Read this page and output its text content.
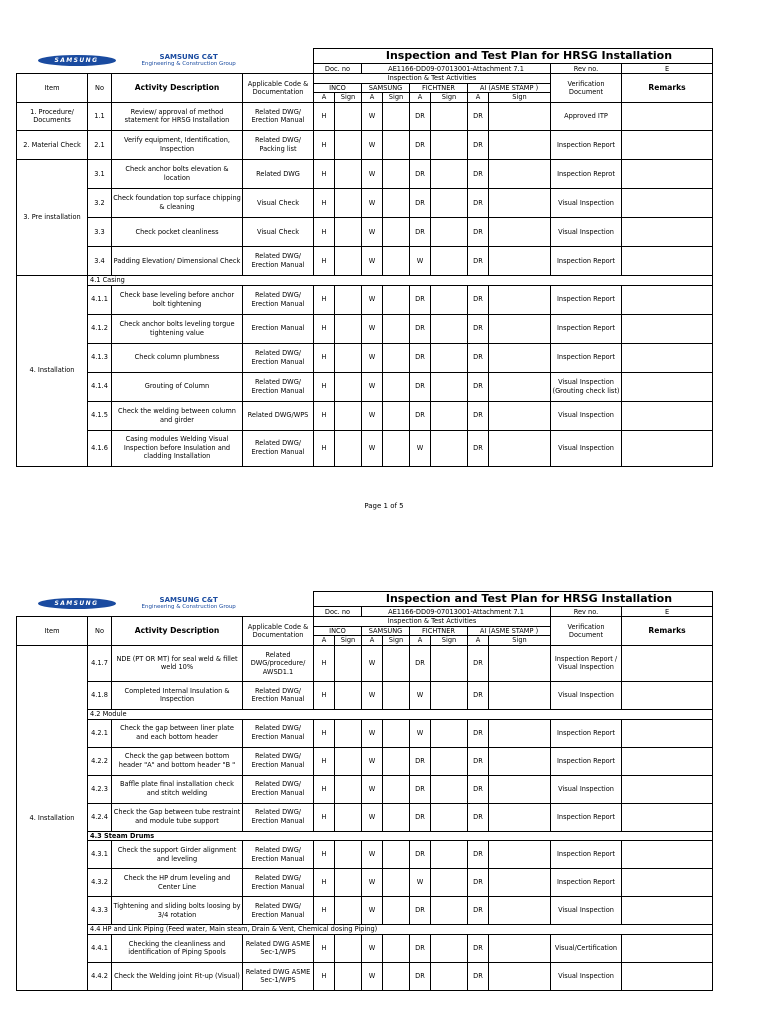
SAMSUNG SAMSUNG C&T
Engineering & Construction Group				Inspection and Test Plan for HRSG Installation									
				Doc. no		AE1166-DD09-07013001-Attachment 7.1						Rev no.	E
Item	No	Activity Description	Applicable Code & Documentation	Inspection & Test Activities								Verification Document	Remarks
				INCO		SAMSUNG		FICHTNER		AI (ASME STAMP )			
				A	Sign	A	Sign	A	Sign	A	Sign		
1. Procedure/ Documents	1.1	Review/ approval of method statement for HRSG Installation	Related DWG/ Erection Manual	H		W		DR		DR		Approved ITP	
2. Material Check	2.1	Verify equipment, Identification, Inspection	Related DWG/ Packing list	H		W		DR		DR		Inspection Report	
3. Pre installation	3.1	Check anchor bolts elevation & location	Related DWG	H		W		DR		DR		Inspection Reprot	
	3.2	Check foundation top surface chipping & cleaning	Visual Check	H		W		DR		DR		Visual Inspection	
	3.3	Check pocket cleanliness	Visual Check	H		W		DR		DR		Visual Inspection	
	3.4	Padding Elevation/ Dimensional Check	Related DWG/ Erection Manual	H		W		W		DR		Inspection Report	
4. Installation	4.1 Casing												
	4.1.1	Check base leveling before anchor bolt tightening	Related DWG/ Erection Manual	H		W		DR		DR		Inspection Report	
	4.1.2	Check anchor bolts leveling torgue tightening value	Erection Manual	H		W		DR		DR		Inspection Report	
	4.1.3	Check column plumbness	Related DWG/ Erection Manual	H		W		DR		DR		Inspection Report	
	4.1.4	Grouting of Column	Related DWG/ Erection Manual	H		W		DR		DR		Visual Inspection (Grouting check list)	
	4.1.5	Check the welding between column and girder	Related DWG/WPS	H		W		DR		DR		Visual Inspection	
	4.1.6	Casing modules Welding Visual Inspection before Insulation and cladding Installation	Related DWG/ Erection Manual	H		W		W		DR		Visual Inspection	
Page 1 of 5
SAMSUNG SAMSUNG C&T
Engineering & Construction Group				Inspection and Test Plan for HRSG Installation									
				Doc. no		AE1166-DD09-07013001-Attachment 7.1						Rev no.	E
Item	No	Activity Description	Applicable Code & Documentation	Inspection & Test Activities								Verification Document	Remarks
				INCO		SAMSUNG		FICHTNER		AI (ASME STAMP )			
				A	Sign	A	Sign	A	Sign	A	Sign		
4. Installation	4.1.7	NDE (PT OR MT) for seal weld & fillet weld 10%	Related DWG/procedure/ AWSD1.1	H		W		DR		DR		Inspection Report / Visual Inspection	
	4.1.8	Completed Internal Insulation & Inspection	Related DWG/ Erection Manual	H		W		W		DR		Visual Inspection	
	4.2 Module												
	4.2.1	Check the gap between liner plate and each bottom header	Related DWG/ Erection Manual	H		W		W		DR		Inspection Report	
	4.2.2	Check the gap between bottom header "A" and bottom header "B "	Related DWG/ Erection Manual	H		W		DR		DR		Inspection Report	
	4.2.3	Baffle plate final installation check and stitch welding	Related DWG/ Erection Manual	H		W		DR		DR		Visual Inspection	
	4.2.4	Check the Gap between tube restraint and module tube support	Related DWG/ Erection Manual	H		W		DR		DR		Inspection Report	
	4.3 Steam Drums												
	4.3.1	Check the support Girder alignment and leveling	Related DWG/ Erection Manual	H		W		DR		DR		Inspection Report	
	4.3.2	Check the HP drum leveling and Center Line	Related DWG/ Erection Manual	H		W		W		DR		Inspection Report	
	4.3.3	Tightening and sliding bolts loosing by 3/4 rotation	Related DWG/ Erection Manual	H		W		DR		DR		Visual Inspection	
	4.4 HP and Link Piping (Feed water, Main steam, Drain & Vent, Chemical dosing Piping)												
	4.4.1	Checking the cleanliness and identification of Piping Spools	Related DWG ASME Sec-1/WPS	H		W		DR		DR		Visual/Certification	
	4.4.2	Check the Welding joint Fit-up (Visual)	Related DWG ASME Sec-1/WPS	H		W		DR		DR		Visual Inspection	
